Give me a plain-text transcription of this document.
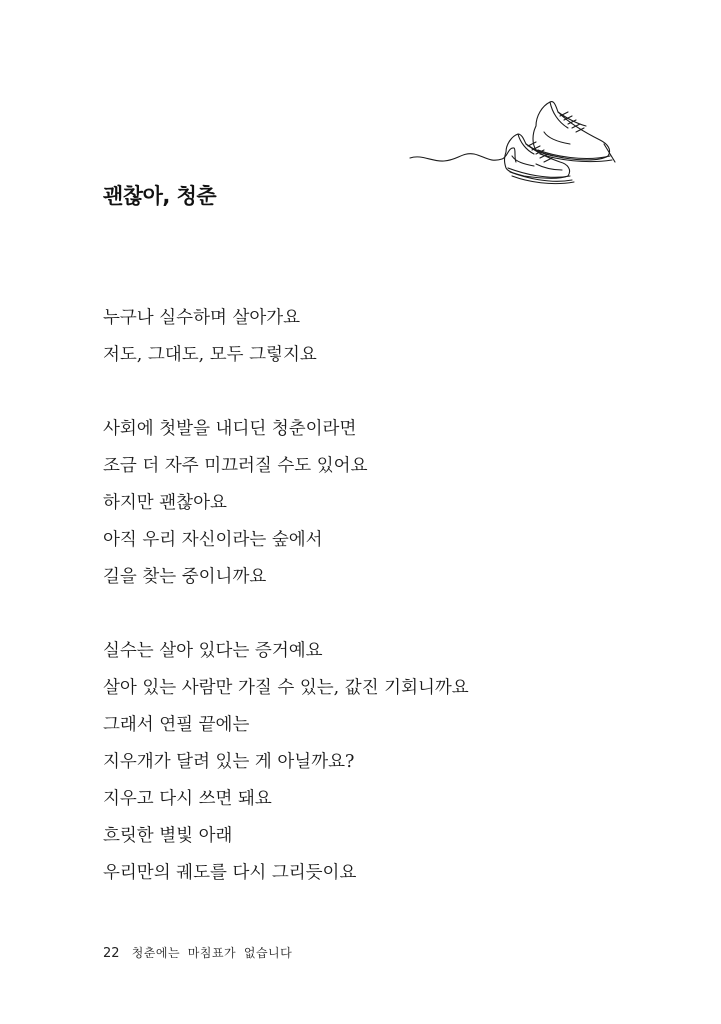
괜찮아, 청춘
누구나 실수하며 살아가요
저도, 그대도, 모두 그렇지요
사회에 첫발을 내디딘 청춘이라면
조금 더 자주 미끄러질 수도 있어요
하지만 괜찮아요
아직 우리 자신이라는 숲에서
길을 찾는 중이니까요
실수는 살아 있다는 증거예요
살아 있는 사람만 가질 수 있는, 값진 기회니까요
그래서 연필 끝에는
지우개가 달려 있는 게 아닐까요?
지우고 다시 쓰면 돼요
흐릿한 별빛 아래
우리만의 궤도를 다시 그리듯이요
22 청춘에는 마침표가 없습니다
